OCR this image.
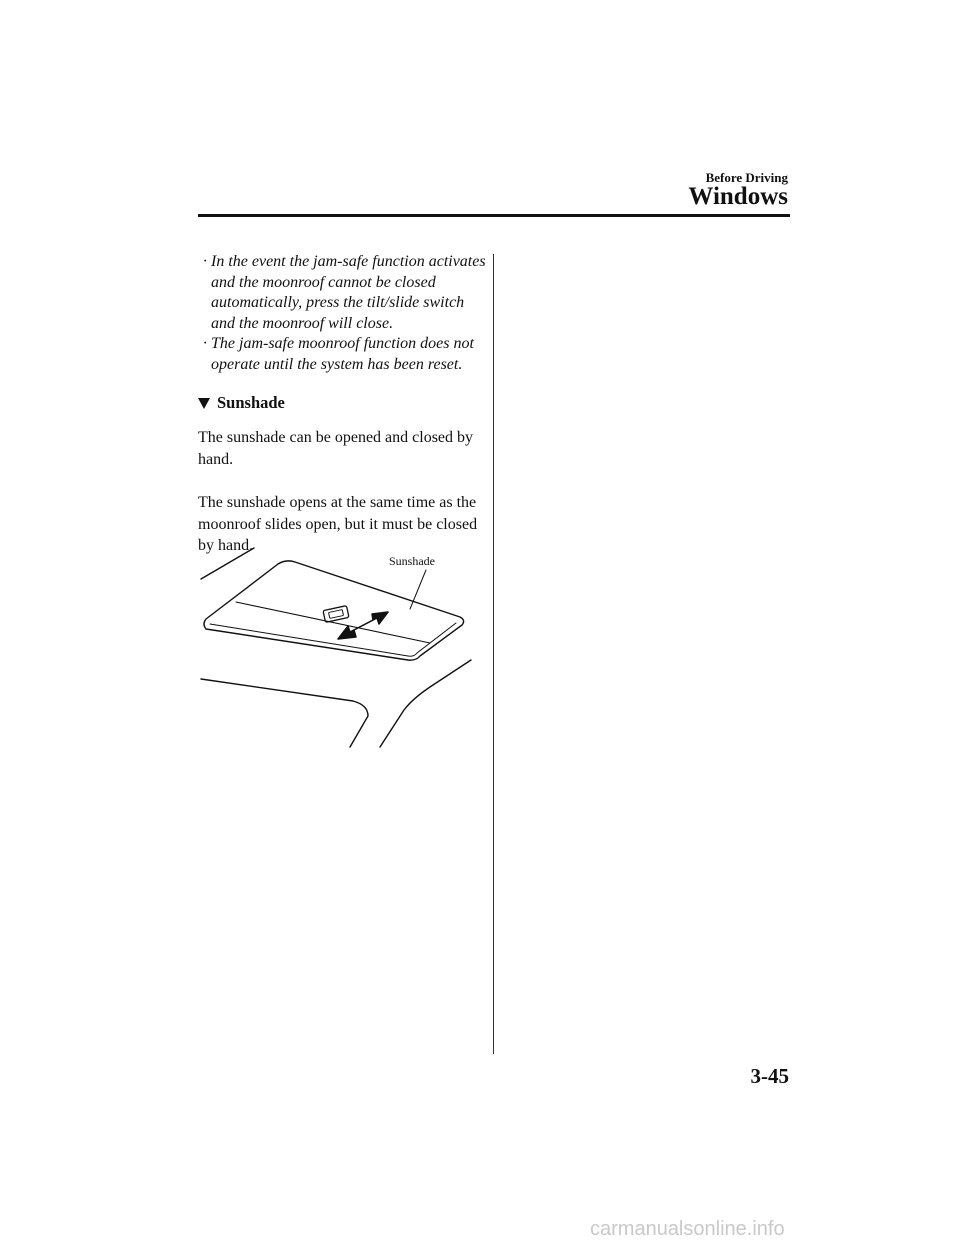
Before Driving
Windows
· In the event the jam-safe function activates and the moonroof cannot be closed automatically, press the tilt/slide switch and the moonroof will close.
· The jam-safe moonroof function does not operate until the system has been reset.
Sunshade

The sunshade can be opened and closed by hand.

The sunshade opens at the same time as the moonroof slides open, but it must be closed by hand.

Sunshade
3-45
carmanualsonline.info
